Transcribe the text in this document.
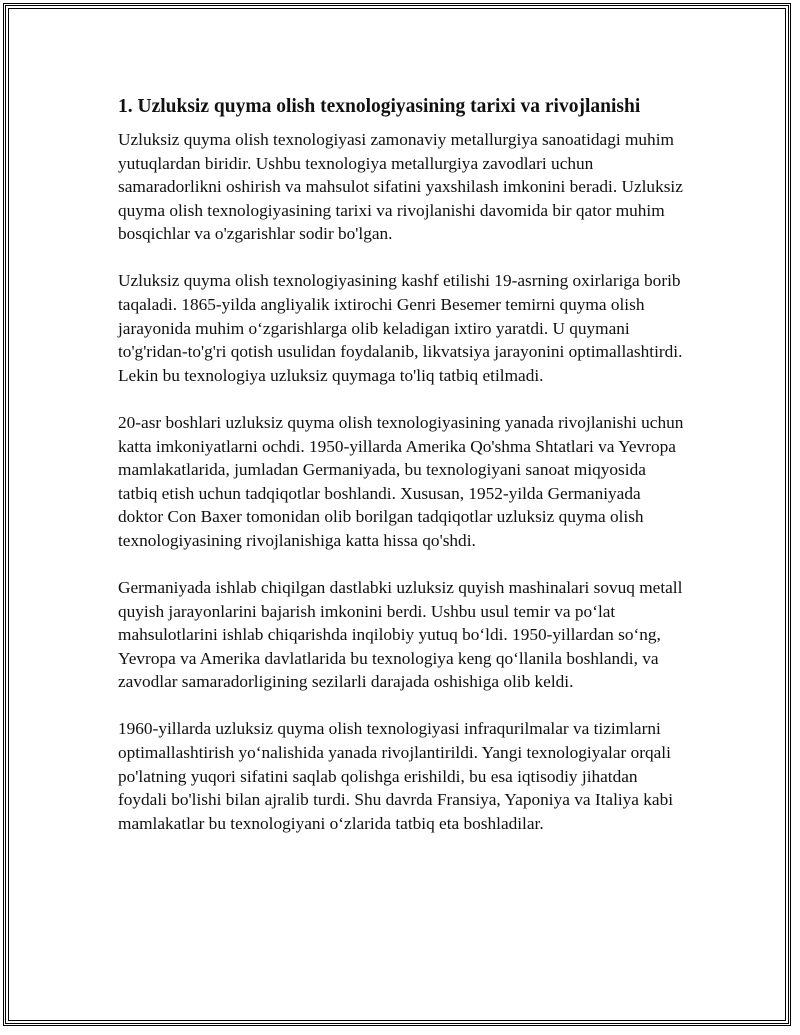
1. Uzluksiz quyma olish texnologiyasining tarixi va rivojlanishi

Uzluksiz quyma olish texnologiyasi zamonaviy metallurgiya sanoatidagi muhim yutuqlardan biridir. Ushbu texnologiya metallurgiya zavodlari uchun samaradorlikni oshirish va mahsulot sifatini yaxshilash imkonini beradi. Uzluksiz quyma olish texnologiyasining tarixi va rivojlanishi davomida bir qator muhim bosqichlar va o'zgarishlar sodir bo'lgan.

Uzluksiz quyma olish texnologiyasining kashf etilishi 19-asrning oxirlariga borib taqaladi. 1865-yilda angliyalik ixtirochi Genri Besemer temirni quyma olish jarayonida muhim oʻzgarishlarga olib keladigan ixtiro yaratdi. U quymani to'g'ridan-to'g'ri qotish usulidan foydalanib, likvatsiya jarayonini optimallashtirdi. Lekin bu texnologiya uzluksiz quymaga to'liq tatbiq etilmadi.

20-asr boshlari uzluksiz quyma olish texnologiyasining yanada rivojlanishi uchun katta imkoniyatlarni ochdi. 1950-yillarda Amerika Qo'shma Shtatlari va Yevropa mamlakatlarida, jumladan Germaniyada, bu texnologiyani sanoat miqyosida tatbiq etish uchun tadqiqotlar boshlandi. Xususan, 1952-yilda Germaniyada doktor Con Baxer tomonidan olib borilgan tadqiqotlar uzluksiz quyma olish texnologiyasining rivojlanishiga katta hissa qo'shdi.

Germaniyada ishlab chiqilgan dastlabki uzluksiz quyish mashinalari sovuq metall quyish jarayonlarini bajarish imkonini berdi. Ushbu usul temir va poʻlat mahsulotlarini ishlab chiqarishda inqilobiy yutuq boʻldi. 1950-yillardan soʻng, Yevropa va Amerika davlatlarida bu texnologiya keng qoʻllanila boshlandi, va zavodlar samaradorligining sezilarli darajada oshishiga olib keldi.

1960-yillarda uzluksiz quyma olish texnologiyasi infraqurilmalar va tizimlarni optimallashtirish yoʻnalishida yanada rivojlantirildi. Yangi texnologiyalar orqali po'latning yuqori sifatini saqlab qolishga erishildi, bu esa iqtisodiy jihatdan foydali bo'lishi bilan ajralib turdi. Shu davrda Fransiya, Yaponiya va Italiya kabi mamlakatlar bu texnologiyani oʻzlarida tatbiq eta boshladilar.
